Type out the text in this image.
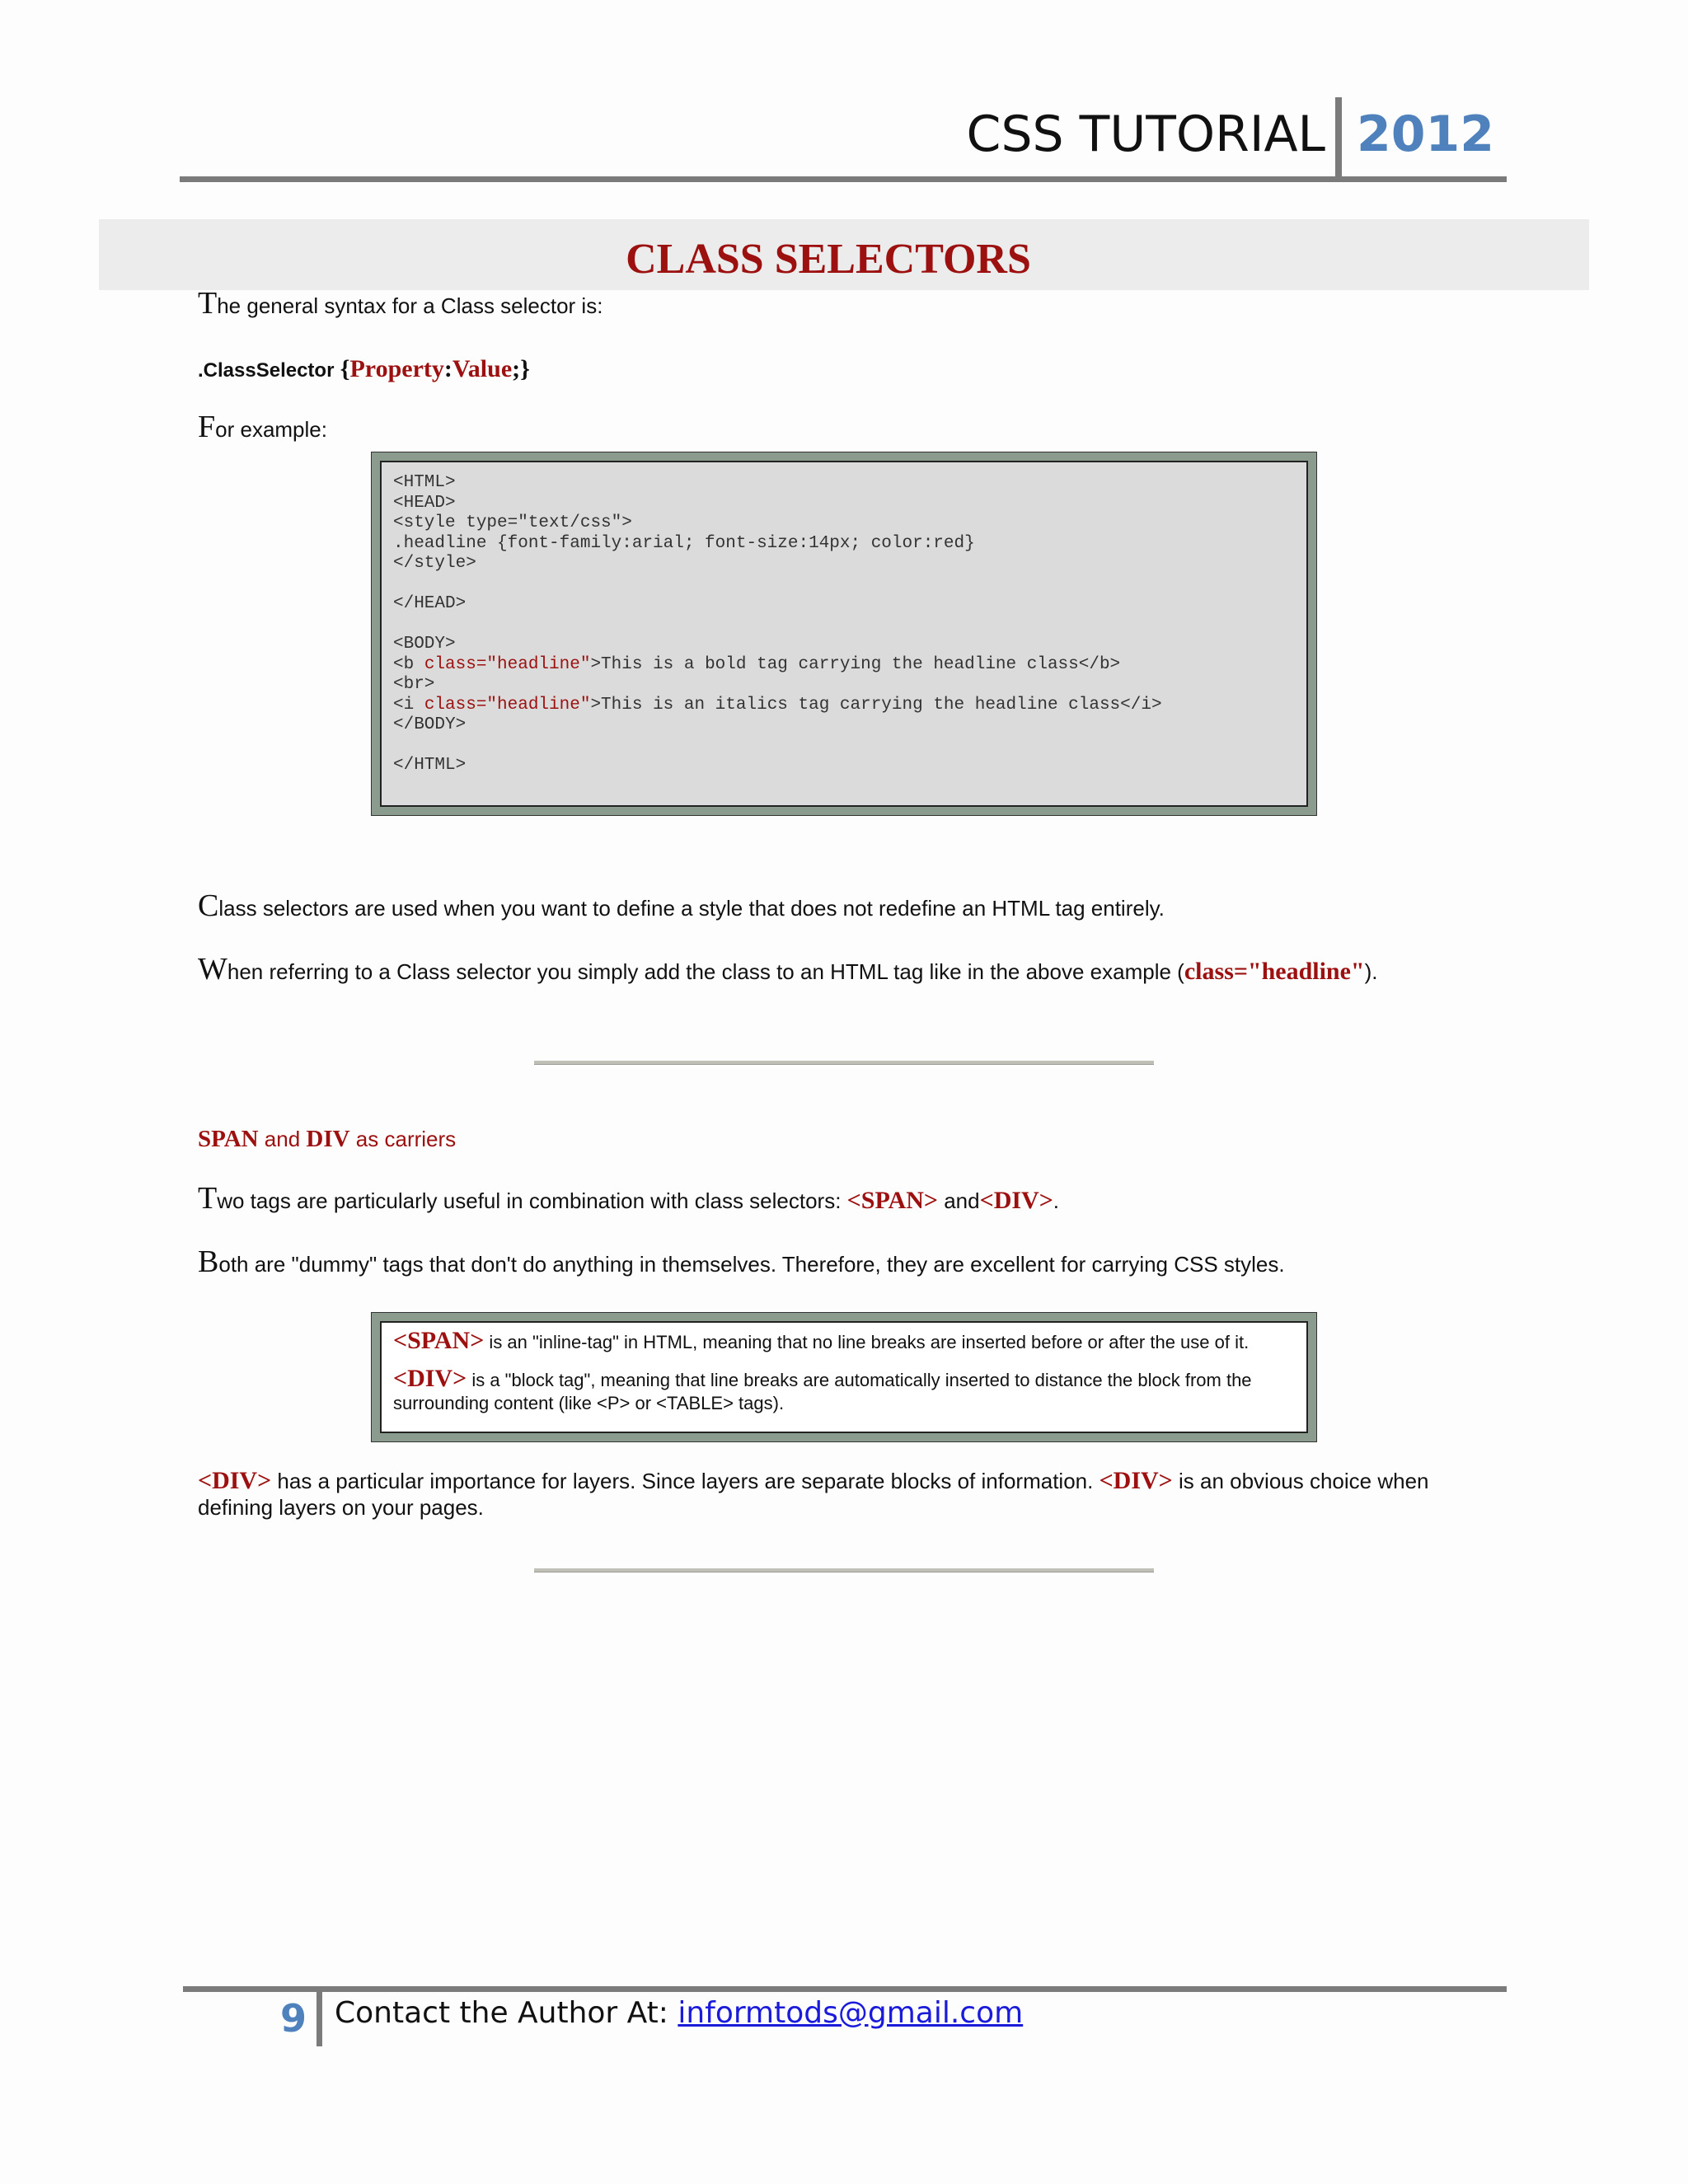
CSS TUTORIAL 2012
CLASS SELECTORS
The general syntax for a Class selector is:
.ClassSelector {Property:Value;}
For example:
<HTML>
<HEAD>
<style type="text/css">
.headline {font-family:arial; font-size:14px; color:red}
</style>
</HEAD>
<BODY>
<b class="headline">This is a bold tag carrying the headline class</b>
<br>
<i class="headline">This is an italics tag carrying the headline class</i>
</BODY>
</HTML>
Class selectors are used when you want to define a style that does not redefine an HTML tag entirely.
When referring to a Class selector you simply add the class to an HTML tag like in the above example (class="headline").
SPAN and DIV as carriers
Two tags are particularly useful in combination with class selectors: <SPAN> and<DIV>.
Both are "dummy" tags that don't do anything in themselves. Therefore, they are excellent for carrying CSS styles.
<SPAN> is an "inline-tag" in HTML, meaning that no line breaks are inserted before or after the use of it.
<DIV> is a "block tag", meaning that line breaks are automatically inserted to distance the block from the surrounding content (like <P> or <TABLE> tags).
<DIV> has a particular importance for layers. Since layers are separate blocks of information. <DIV> is an obvious choice when
defining layers on your pages.
9 Contact the Author At: informtods@gmail.com
